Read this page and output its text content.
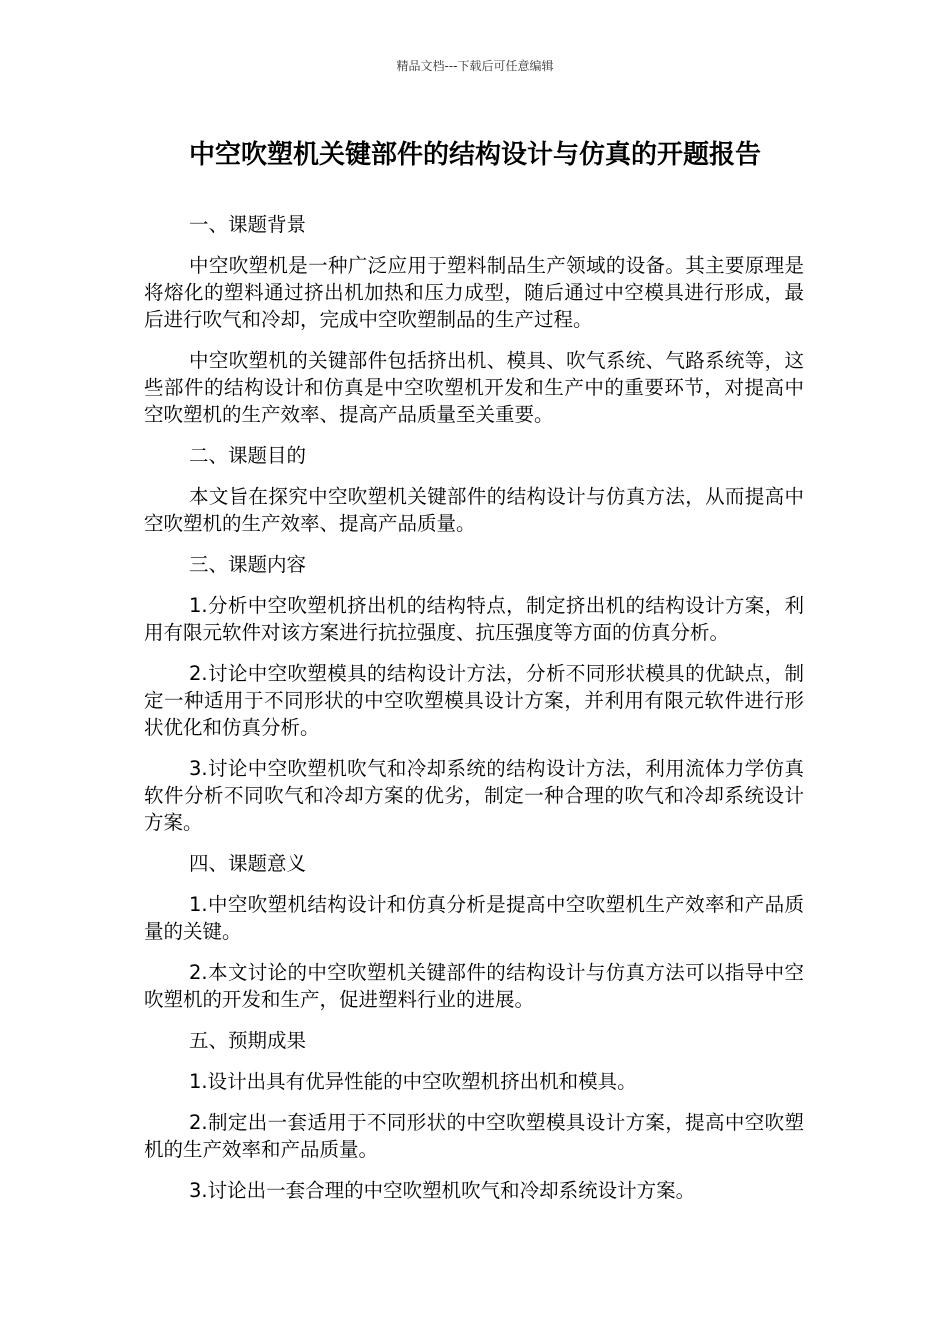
精品文档---下载后可任意编辑
中空吹塑机关键部件的结构设计与仿真的开题报告
一、课题背景
中空吹塑机是一种广泛应用于塑料制品生产领域的设备。其主要原理是将熔化的塑料通过挤出机加热和压力成型，随后通过中空模具进行形成，最后进行吹气和冷却，完成中空吹塑制品的生产过程。
中空吹塑机的关键部件包括挤出机、模具、吹气系统、气路系统等，这些部件的结构设计和仿真是中空吹塑机开发和生产中的重要环节，对提高中空吹塑机的生产效率、提高产品质量至关重要。
二、课题目的
本文旨在探究中空吹塑机关键部件的结构设计与仿真方法，从而提高中空吹塑机的生产效率、提高产品质量。
三、课题内容
1.分析中空吹塑机挤出机的结构特点，制定挤出机的结构设计方案，利用有限元软件对该方案进行抗拉强度、抗压强度等方面的仿真分析。
2.讨论中空吹塑模具的结构设计方法，分析不同形状模具的优缺点，制定一种适用于不同形状的中空吹塑模具设计方案，并利用有限元软件进行形状优化和仿真分析。
3.讨论中空吹塑机吹气和冷却系统的结构设计方法，利用流体力学仿真软件分析不同吹气和冷却方案的优劣，制定一种合理的吹气和冷却系统设计方案。
四、课题意义
1.中空吹塑机结构设计和仿真分析是提高中空吹塑机生产效率和产品质量的关键。
2.本文讨论的中空吹塑机关键部件的结构设计与仿真方法可以指导中空吹塑机的开发和生产，促进塑料行业的进展。
五、预期成果
1.设计出具有优异性能的中空吹塑机挤出机和模具。
2.制定出一套适用于不同形状的中空吹塑模具设计方案，提高中空吹塑机的生产效率和产品质量。
3.讨论出一套合理的中空吹塑机吹气和冷却系统设计方案。
